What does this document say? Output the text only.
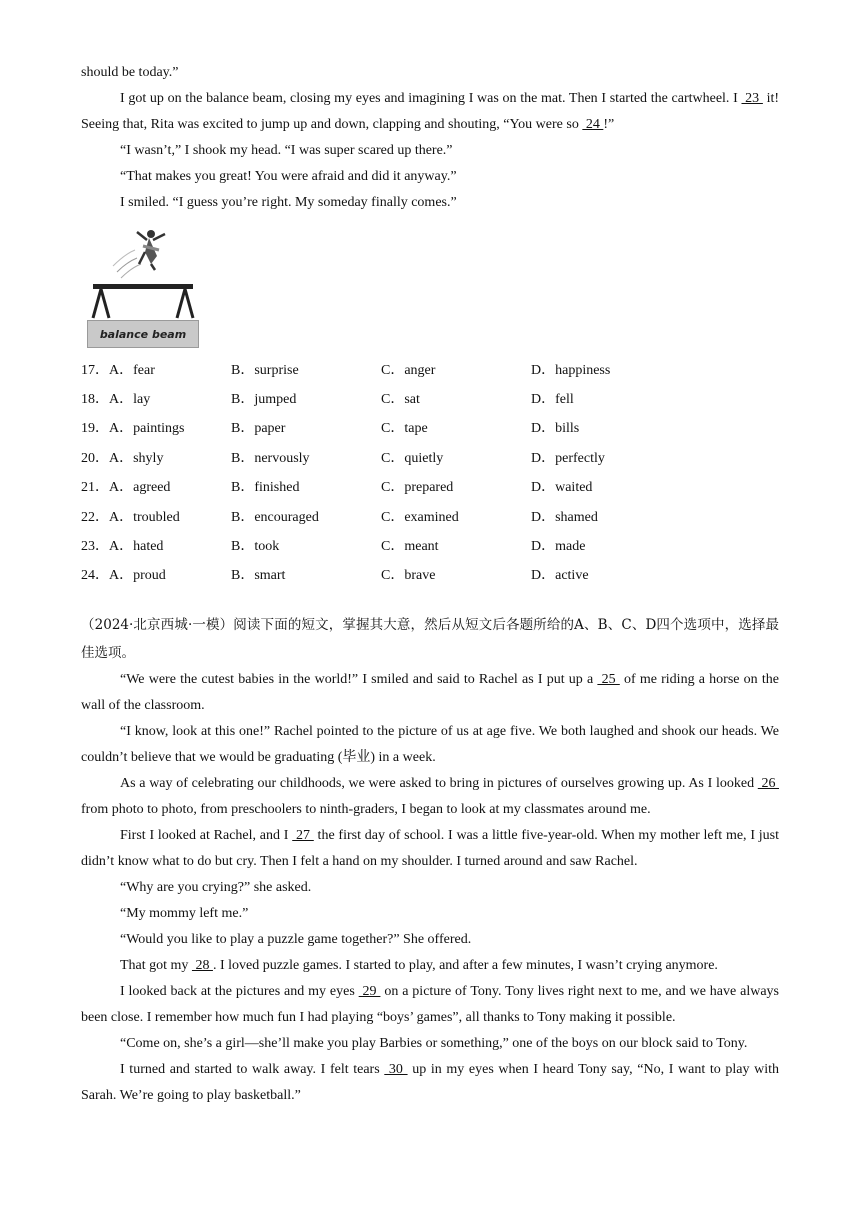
should be today.”

I got up on the balance beam, closing my eyes and imagining I was on the mat. Then I started the cartwheel. I  23  it! Seeing that, Rita was excited to jump up and down, clapping and shouting, “You were so  24 !”

“I wasn’t,” I shook my head. “I was super scared up there.”

“That makes you great! You were afraid and did it anyway.”

I smiled. “I guess you’re right. My someday finally comes.”

balance beam
17．A．fear	B．surprise	C．anger	D．happiness
18．A．lay	B．jumped	C．sat	D．fell
19．A．paintings	B．paper	C．tape	D．bills
20．A．shyly	B．nervously	C．quietly	D．perfectly
21．A．agreed	B．finished	C．prepared	D．waited
22．A．troubled	B．encouraged	C．examined	D．shamed
23．A．hated	B．took	C．meant	D．made
24．A．proud	B．smart	C．brave	D．active

（2024·北京西城·一模）阅读下面的短文，掌握其大意，然后从短文后各题所给的A、B、C、D四个选项中，选择最佳选项。

“We were the cutest babies in the world!” I smiled and said to Rachel as I put up a  25  of me riding a horse on the wall of the classroom.

“I know, look at this one!” Rachel pointed to the picture of us at age five. We both laughed and shook our heads. We couldn’t believe that we would be graduating (毕业) in a week.

As a way of celebrating our childhoods, we were asked to bring in pictures of ourselves growing up. As I looked  26  from photo to photo, from preschoolers to ninth-graders, I began to look at my classmates around me.

First I looked at Rachel, and I  27  the first day of school. I was a little five-year-old. When my mother left me, I just didn’t know what to do but cry. Then I felt a hand on my shoulder. I turned around and saw Rachel.

“Why are you crying?” she asked.

“My mommy left me.”

“Would you like to play a puzzle game together?” She offered.

That got my  28 . I loved puzzle games. I started to play, and after a few minutes, I wasn’t crying anymore.

I looked back at the pictures and my eyes  29  on a picture of Tony. Tony lives right next to me, and we have always been close. I remember how much fun I had playing “boys’ games”, all thanks to Tony making it possible.

“Come on, she’s a girl—she’ll make you play Barbies or something,” one of the boys on our block said to Tony.

I turned and started to walk away. I felt tears  30  up in my eyes when I heard Tony say, “No, I want to play with Sarah. We’re going to play basketball.”
